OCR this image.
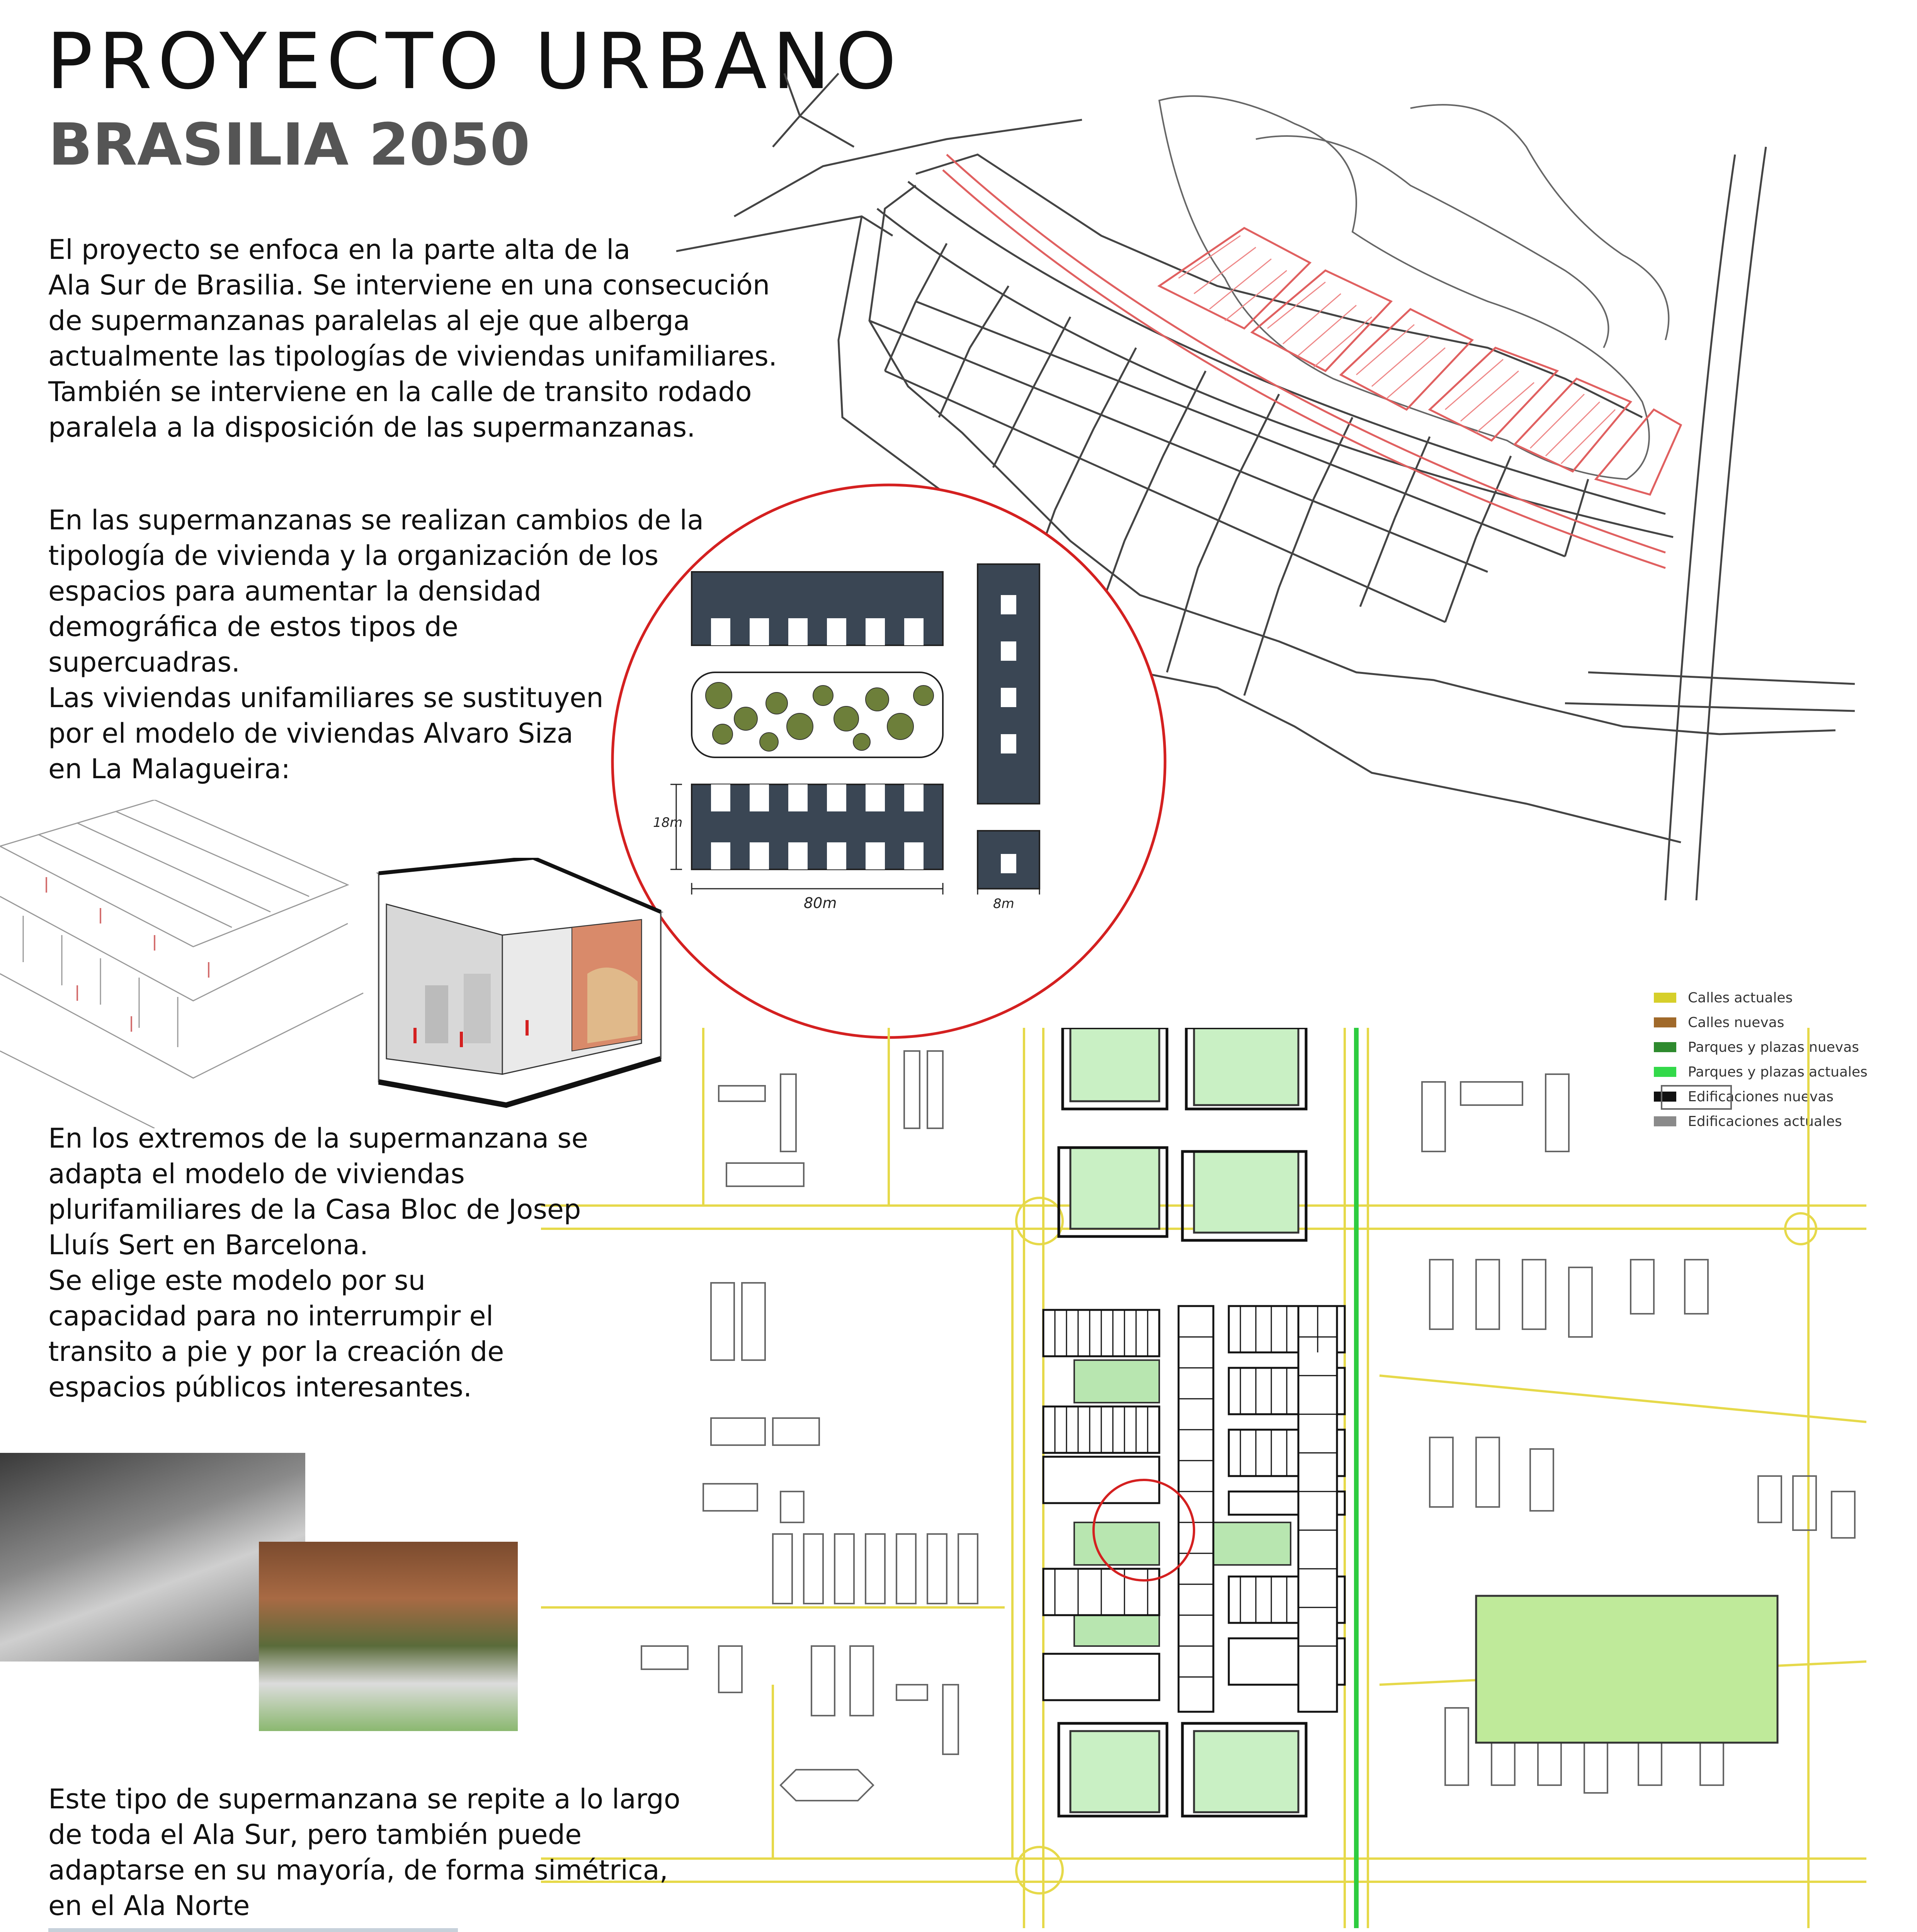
PROYECTO URBANO
BRASILIA 2050
El proyecto se enfoca en la parte alta de la
Ala Sur de Brasilia. Se interviene en una consecución
de supermanzanas paralelas al eje que alberga
actualmente las tipologías de viviendas unifamiliares.
También se interviene en la calle de transito rodado
paralela a la disposición de las supermanzanas.
En las supermanzanas se realizan cambios de la
tipología de vivienda y la organización de los
espacios para aumentar la densidad
demográfica de estos tipos de
supercuadras.
Las viviendas unifamiliares se sustituyen
por el modelo de viviendas Alvaro Siza
en La Malagueira:
18m
80m	8m
Calles actuales
Calles nuevas
Parques y plazas nuevas
Parques y plazas actuales
Edificaciones nuevas
Edificaciones actuales
En los extremos de la supermanzana se
adapta el modelo de viviendas
plurifamiliares de la Casa Bloc de Josep
Lluís Sert en Barcelona.
Se elige este modelo por su
capacidad para no interrumpir el
transito a pie y por la creación de
espacios públicos interesantes.
Este tipo de supermanzana se repite a lo largo
de toda el Ala Sur, pero también puede
adaptarse en su mayoría, de forma simétrica,
en el Ala Norte
